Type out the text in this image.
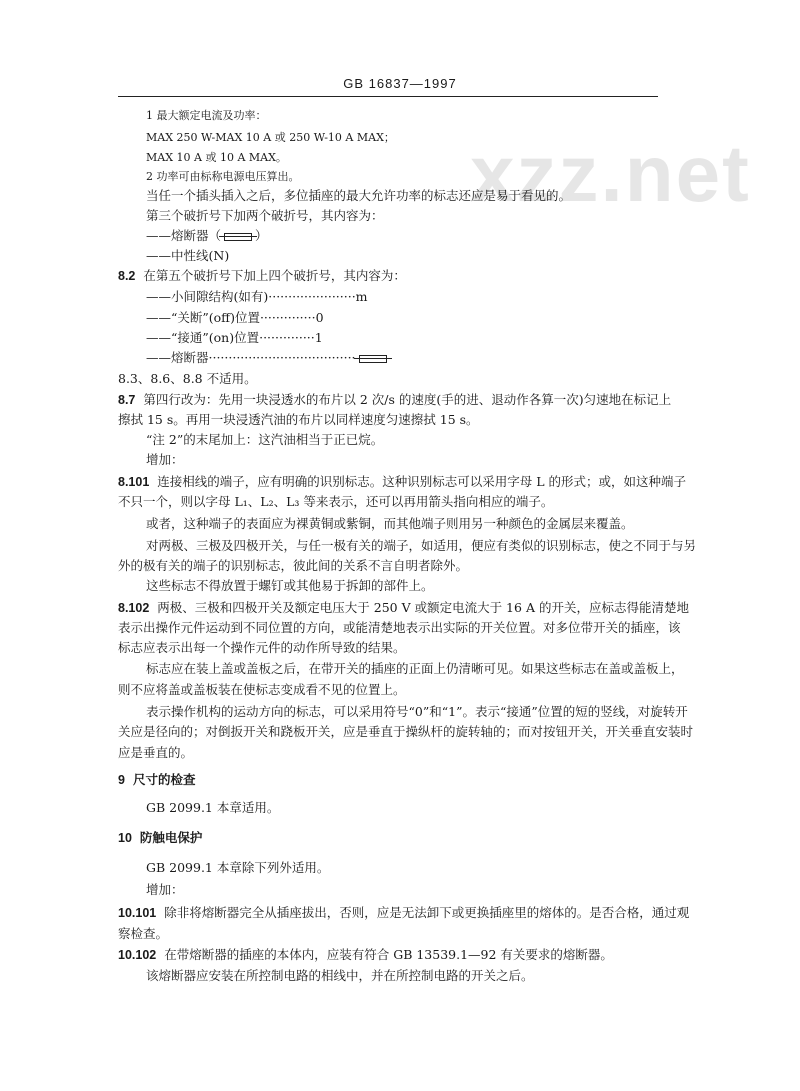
GB 16837—1997
xzz.net
1 最大额定电流及功率：
MAX 250 W-MAX 10 A 或 250 W-10 A MAX；
MAX 10 A 或 10 A MAX。
2 功率可由标称电源电压算出。
当任一个插头插入之后，多位插座的最大允许功率的标志还应是易于看见的。
第三个破折号下加两个破折号，其内容为：
——熔断器（	）
——中性线(N)
8.2 在第五个破折号下加上四个破折号，其内容为：
——小间隙结构(如有)······················m
——“关断”(off)位置··············0
——“接通”(on)位置··············1
——熔断器·····································
8.3、8.6、8.8 不适用。
8.7 第四行改为：先用一块浸透水的布片以 2 次/s 的速度(手的进、退动作各算一次)匀速地在标记上
擦拭 15 s。再用一块浸透汽油的布片以同样速度匀速擦拭 15 s。
“注 2”的末尾加上：这汽油相当于正已烷。
增加：
8.101 连接相线的端子，应有明确的识别标志。这种识别标志可以采用字母 L 的形式；或，如这种端子
不只一个，则以字母 L₁、L₂、L₃ 等来表示，还可以再用箭头指向相应的端子。
或者，这种端子的表面应为裸黄铜或紫铜，而其他端子则用另一种颜色的金属层来覆盖。
对两极、三极及四极开关，与任一极有关的端子，如适用，便应有类似的识别标志，使之不同于与另
外的极有关的端子的识别标志，彼此间的关系不言自明者除外。
这些标志不得放置于螺钉或其他易于拆卸的部件上。
8.102 两极、三极和四极开关及额定电压大于 250 V 或额定电流大于 16 A 的开关，应标志得能清楚地
表示出操作元件运动到不同位置的方向，或能清楚地表示出实际的开关位置。对多位带开关的插座，该
标志应表示出每一个操作元件的动作所导致的结果。
标志应在装上盖或盖板之后，在带开关的插座的正面上仍清晰可见。如果这些标志在盖或盖板上，
则不应将盖或盖板装在使标志变成看不见的位置上。
表示操作机构的运动方向的标志，可以采用符号“0”和“1”。表示“接通”位置的短的竖线，对旋转开
关应是径向的；对倒扳开关和跷板开关，应是垂直于操纵杆的旋转轴的；而对按钮开关，开关垂直安装时
应是垂直的。
9 尺寸的检查
GB 2099.1 本章适用。
10 防触电保护
GB 2099.1 本章除下列外适用。
增加：
10.101 除非将熔断器完全从插座拔出，否则，应是无法卸下或更换插座里的熔体的。是否合格，通过观
察检查。
10.102 在带熔断器的插座的本体内，应装有符合 GB 13539.1—92 有关要求的熔断器。
该熔断器应安装在所控制电路的相线中，并在所控制电路的开关之后。
